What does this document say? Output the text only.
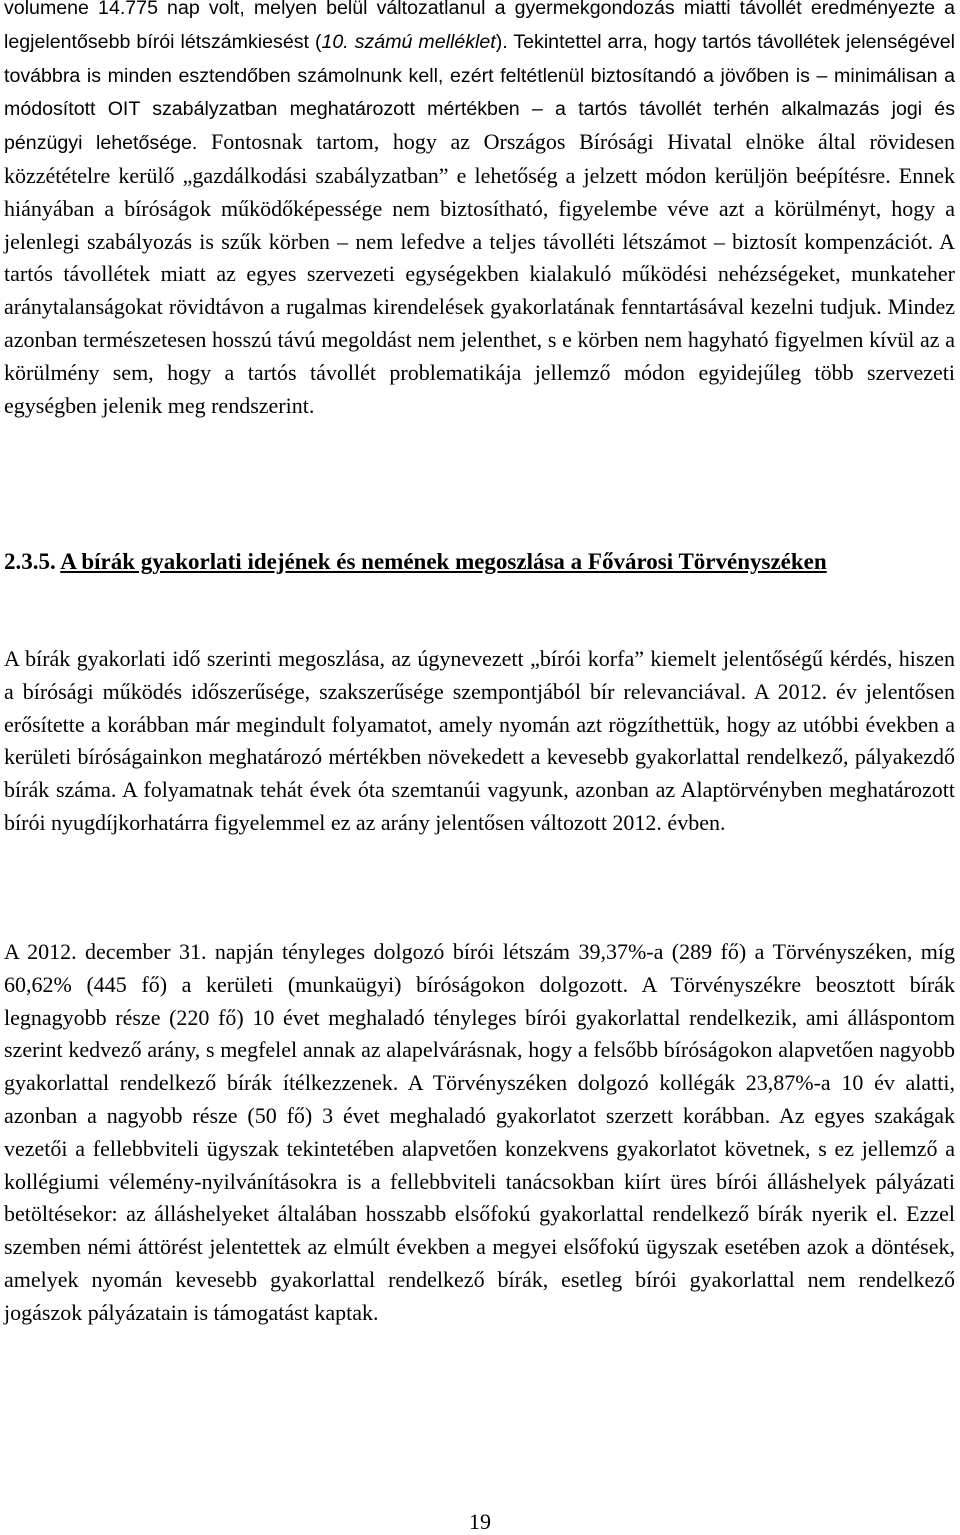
volumene 14.775 nap volt, melyen belül változatlanul a gyermekgondozás miatti távollét eredményezte a legjelentősebb bírói létszámkiesést (10. számú melléklet). Tekintettel arra, hogy tartós távollétek jelenségével továbbra is minden esztendőben számolnunk kell, ezért feltétlenül biztosítandó a jövőben is – minimálisan a módosított OIT szabályzatban meghatározott mértékben – a tartós távollét terhén alkalmazás jogi és pénzügyi lehetősége. Fontosnak tartom, hogy az Országos Bírósági Hivatal elnöke által rövidesen közzétételre kerülő „gazdálkodási szabályzatban” e lehetőség a jelzett módon kerüljön beépítésre. Ennek hiányában a bíróságok működőképessége nem biztosítható, figyelembe véve azt a körülményt, hogy a jelenlegi szabályozás is szűk körben – nem lefedve a teljes távolléti létszámot – biztosít kompenzációt. A tartós távollétek miatt az egyes szervezeti egységekben kialakuló működési nehézségeket, munkateher aránytalanságokat rövidtávon a rugalmas kirendelések gyakorlatának fenntartásával kezelni tudjuk. Mindez azonban természetesen hosszú távú megoldást nem jelenthet, s e körben nem hagyható figyelmen kívül az a körülmény sem, hogy a tartós távollét problematikája jellemző módon egyidejűleg több szervezeti egységben jelenik meg rendszerint.

2.3.5. A bírák gyakorlati idejének és nemének megoszlása a Fővárosi Törvényszéken

A bírák gyakorlati idő szerinti megoszlása, az úgynevezett „bírói korfa” kiemelt jelentőségű kérdés, hiszen a bírósági működés időszerűsége, szakszerűsége szempontjából bír relevanciával. A 2012. év jelentősen erősítette a korábban már megindult folyamatot, amely nyomán azt rögzíthettük, hogy az utóbbi években a kerületi bíróságainkon meghatározó mértékben növekedett a kevesebb gyakorlattal rendelkező, pályakezdő bírák száma. A folyamatnak tehát évek óta szemtanúi vagyunk, azonban az Alaptörvényben meghatározott bírói nyugdíjkorhatárra figyelemmel ez az arány jelentősen változott 2012. évben.

A 2012. december 31. napján tényleges dolgozó bírói létszám 39,37%-a (289 fő) a Törvényszéken, míg 60,62% (445 fő) a kerületi (munkaügyi) bíróságokon dolgozott. A Törvényszékre beosztott bírák legnagyobb része (220 fő) 10 évet meghaladó tényleges bírói gyakorlattal rendelkezik, ami álláspontom szerint kedvező arány, s megfelel annak az alapelvárásnak, hogy a felsőbb bíróságokon alapvetően nagyobb gyakorlattal rendelkező bírák ítélkezzenek. A Törvényszéken dolgozó kollégák 23,87%-a 10 év alatti, azonban a nagyobb része (50 fő) 3 évet meghaladó gyakorlatot szerzett korábban. Az egyes szakágak vezetői a fellebbviteli ügyszak tekintetében alapvetően konzekvens gyakorlatot követnek, s ez jellemző a kollégiumi vélemény-nyilvánításokra is a fellebbviteli tanácsokban kiírt üres bírói álláshelyek pályázati betöltésekor: az álláshelyeket általában hosszabb elsőfokú gyakorlattal rendelkező bírák nyerik el. Ezzel szemben némi áttörést jelentettek az elmúlt években a megyei elsőfokú ügyszak esetében azok a döntések, amelyek nyomán kevesebb gyakorlattal rendelkező bírák, esetleg bírói gyakorlattal nem rendelkező jogászok pályázatain is támogatást kaptak.

19
